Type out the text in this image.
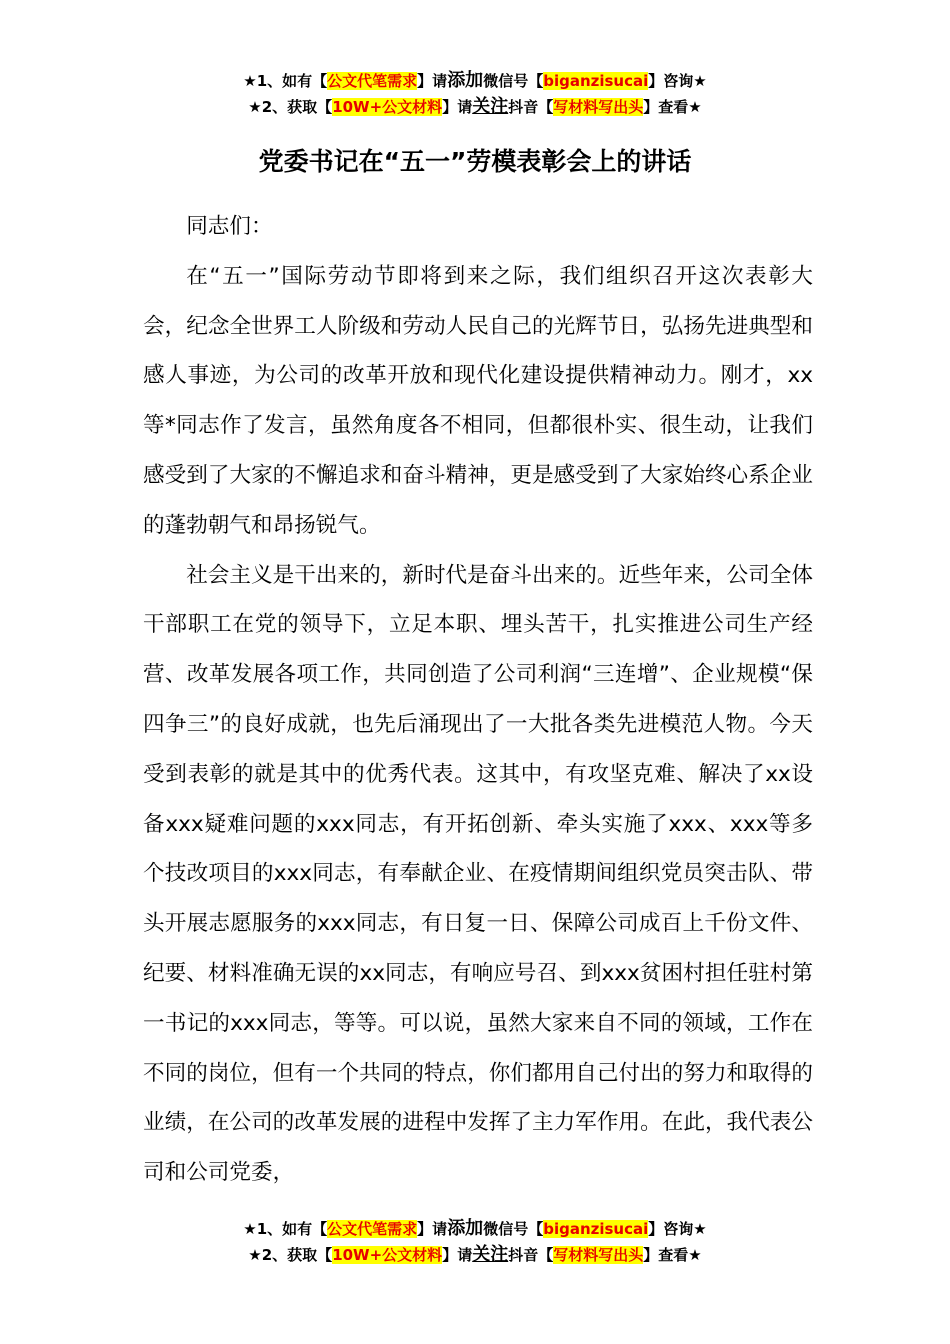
★1、如有【公文代笔需求】请添加微信号【biganzisucai】咨询★
★2、获取【10W+公文材料】请关注抖音【写材料写出头】查看★
党委书记在“五一”劳模表彰会上的讲话

同志们：

在“五一”国际劳动节即将到来之际，我们组织召开这次表彰大会，纪念全世界工人阶级和劳动人民自己的光辉节日，弘扬先进典型和感人事迹，为公司的改革开放和现代化建设提供精神动力。刚才，xx等*同志作了发言，虽然角度各不相同，但都很朴实、很生动，让我们感受到了大家的不懈追求和奋斗精神，更是感受到了大家始终心系企业的蓬勃朝气和昂扬锐气。

社会主义是干出来的，新时代是奋斗出来的。近些年来，公司全体干部职工在党的领导下，立足本职、埋头苦干，扎实推进公司生产经营、改革发展各项工作，共同创造了公司利润“三连增”、企业规模“保四争三”的良好成就，也先后涌现出了一大批各类先进模范人物。今天受到表彰的就是其中的优秀代表。这其中，有攻坚克难、解决了xx设备xxx疑难问题的xxx同志，有开拓创新、牵头实施了xxx、xxx等多个技改项目的xxx同志，有奉献企业、在疫情期间组织党员突击队、带头开展志愿服务的xxx同志，有日复一日、保障公司成百上千份文件、纪要、材料准确无误的xx同志，有响应号召、到xxx贫困村担任驻村第一书记的xxx同志，等等。可以说，虽然大家来自不同的领域，工作在不同的岗位，但有一个共同的特点，你们都用自己付出的努力和取得的业绩，在公司的改革发展的进程中发挥了主力军作用。在此，我代表公司和公司党委，

★1、如有【公文代笔需求】请添加微信号【biganzisucai】咨询★
★2、获取【10W+公文材料】请关注抖音【写材料写出头】查看★
